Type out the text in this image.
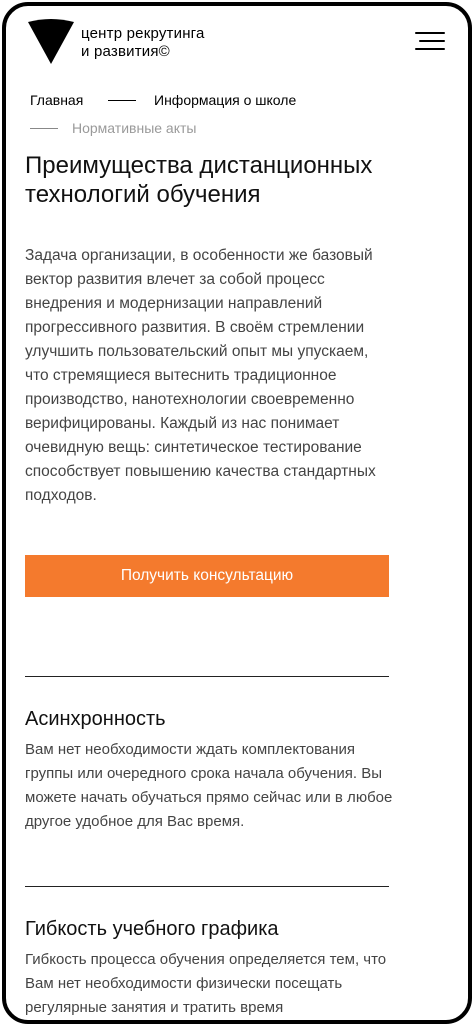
центр рекрутинга
и развития©
Главная	Информация о школе
Нормативные акты
Преимущества дистанционных технологий обучения

Задача организации, в особенности же базовый вектор развития влечет за собой процесс внедрения и модернизации направлений прогрессивного развития. В своём стремлении улучшить пользовательский опыт мы упускаем, что стремящиеся вытеснить традиционное производство, нанотехнологии своевременно верифицированы. Каждый из нас понимает очевидную вещь: синтетическое тестирование способствует повышению качества стандартных подходов.

Получить консультацию
Асинхронность

Вам нет необходимости ждать комплектования группы или очередного срока начала обучения. Вы можете начать обучаться прямо сейчас или в любое другое удобное для Вас время.

Гибкость учебного графика

Гибкость процесса обучения определяется тем, что Вам нет необходимости физически посещать регулярные занятия и тратить время
